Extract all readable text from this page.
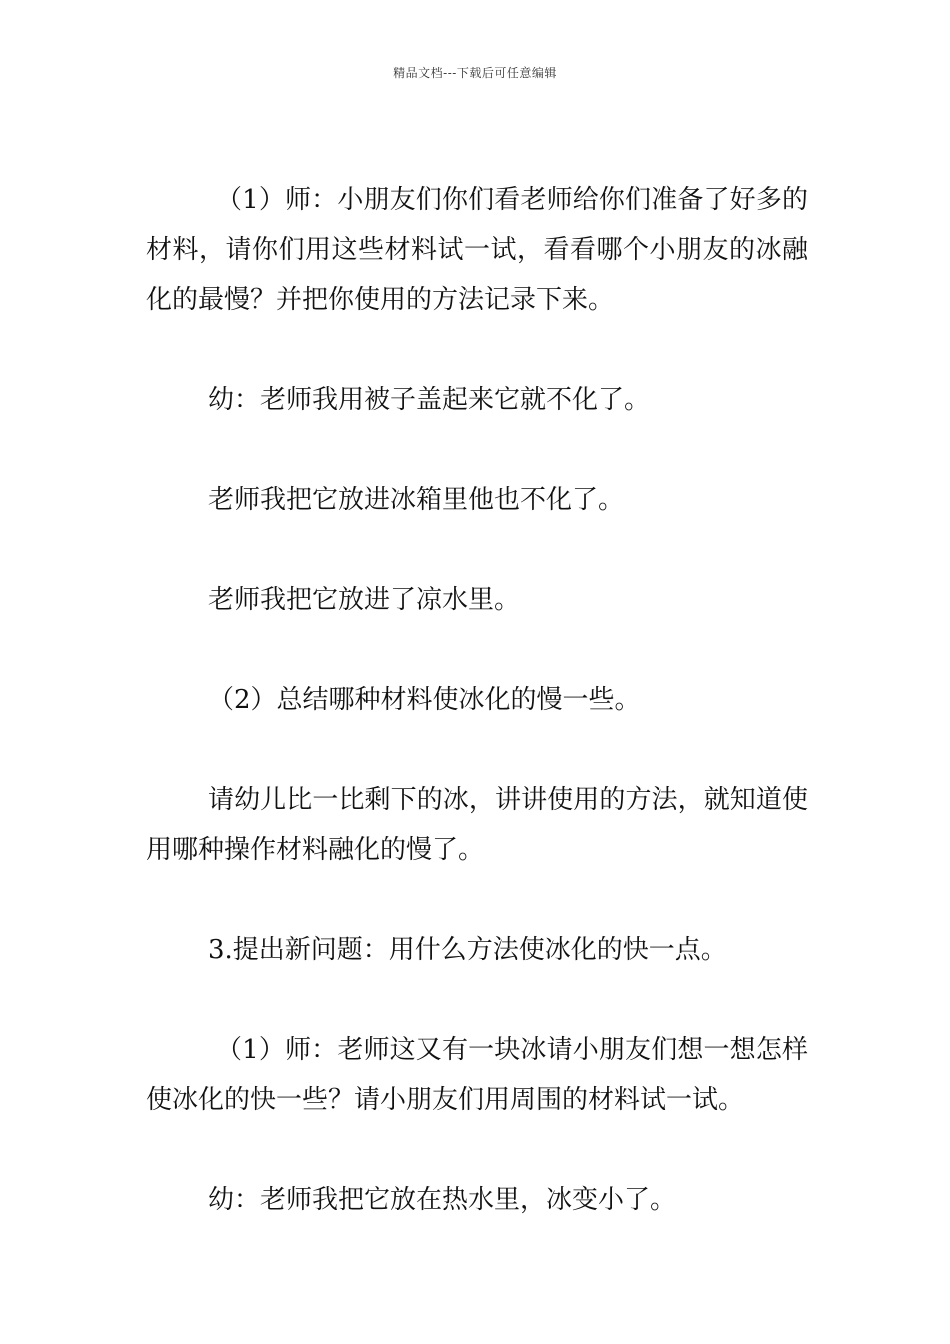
精品文档---下载后可任意编辑

（1）师：小朋友们你们看老师给你们准备了好多的材料，请你们用这些材料试一试，看看哪个小朋友的冰融化的最慢？并把你使用的方法记录下来。

幼：老师我用被子盖起来它就不化了。

老师我把它放进冰箱里他也不化了。

老师我把它放进了凉水里。

（2）总结哪种材料使冰化的慢一些。

请幼儿比一比剩下的冰，讲讲使用的方法，就知道使用哪种操作材料融化的慢了。

3.提出新问题：用什么方法使冰化的快一点。

（1）师：老师这又有一块冰请小朋友们想一想怎样使冰化的快一些？请小朋友们用周围的材料试一试。

幼：老师我把它放在热水里，冰变小了。
